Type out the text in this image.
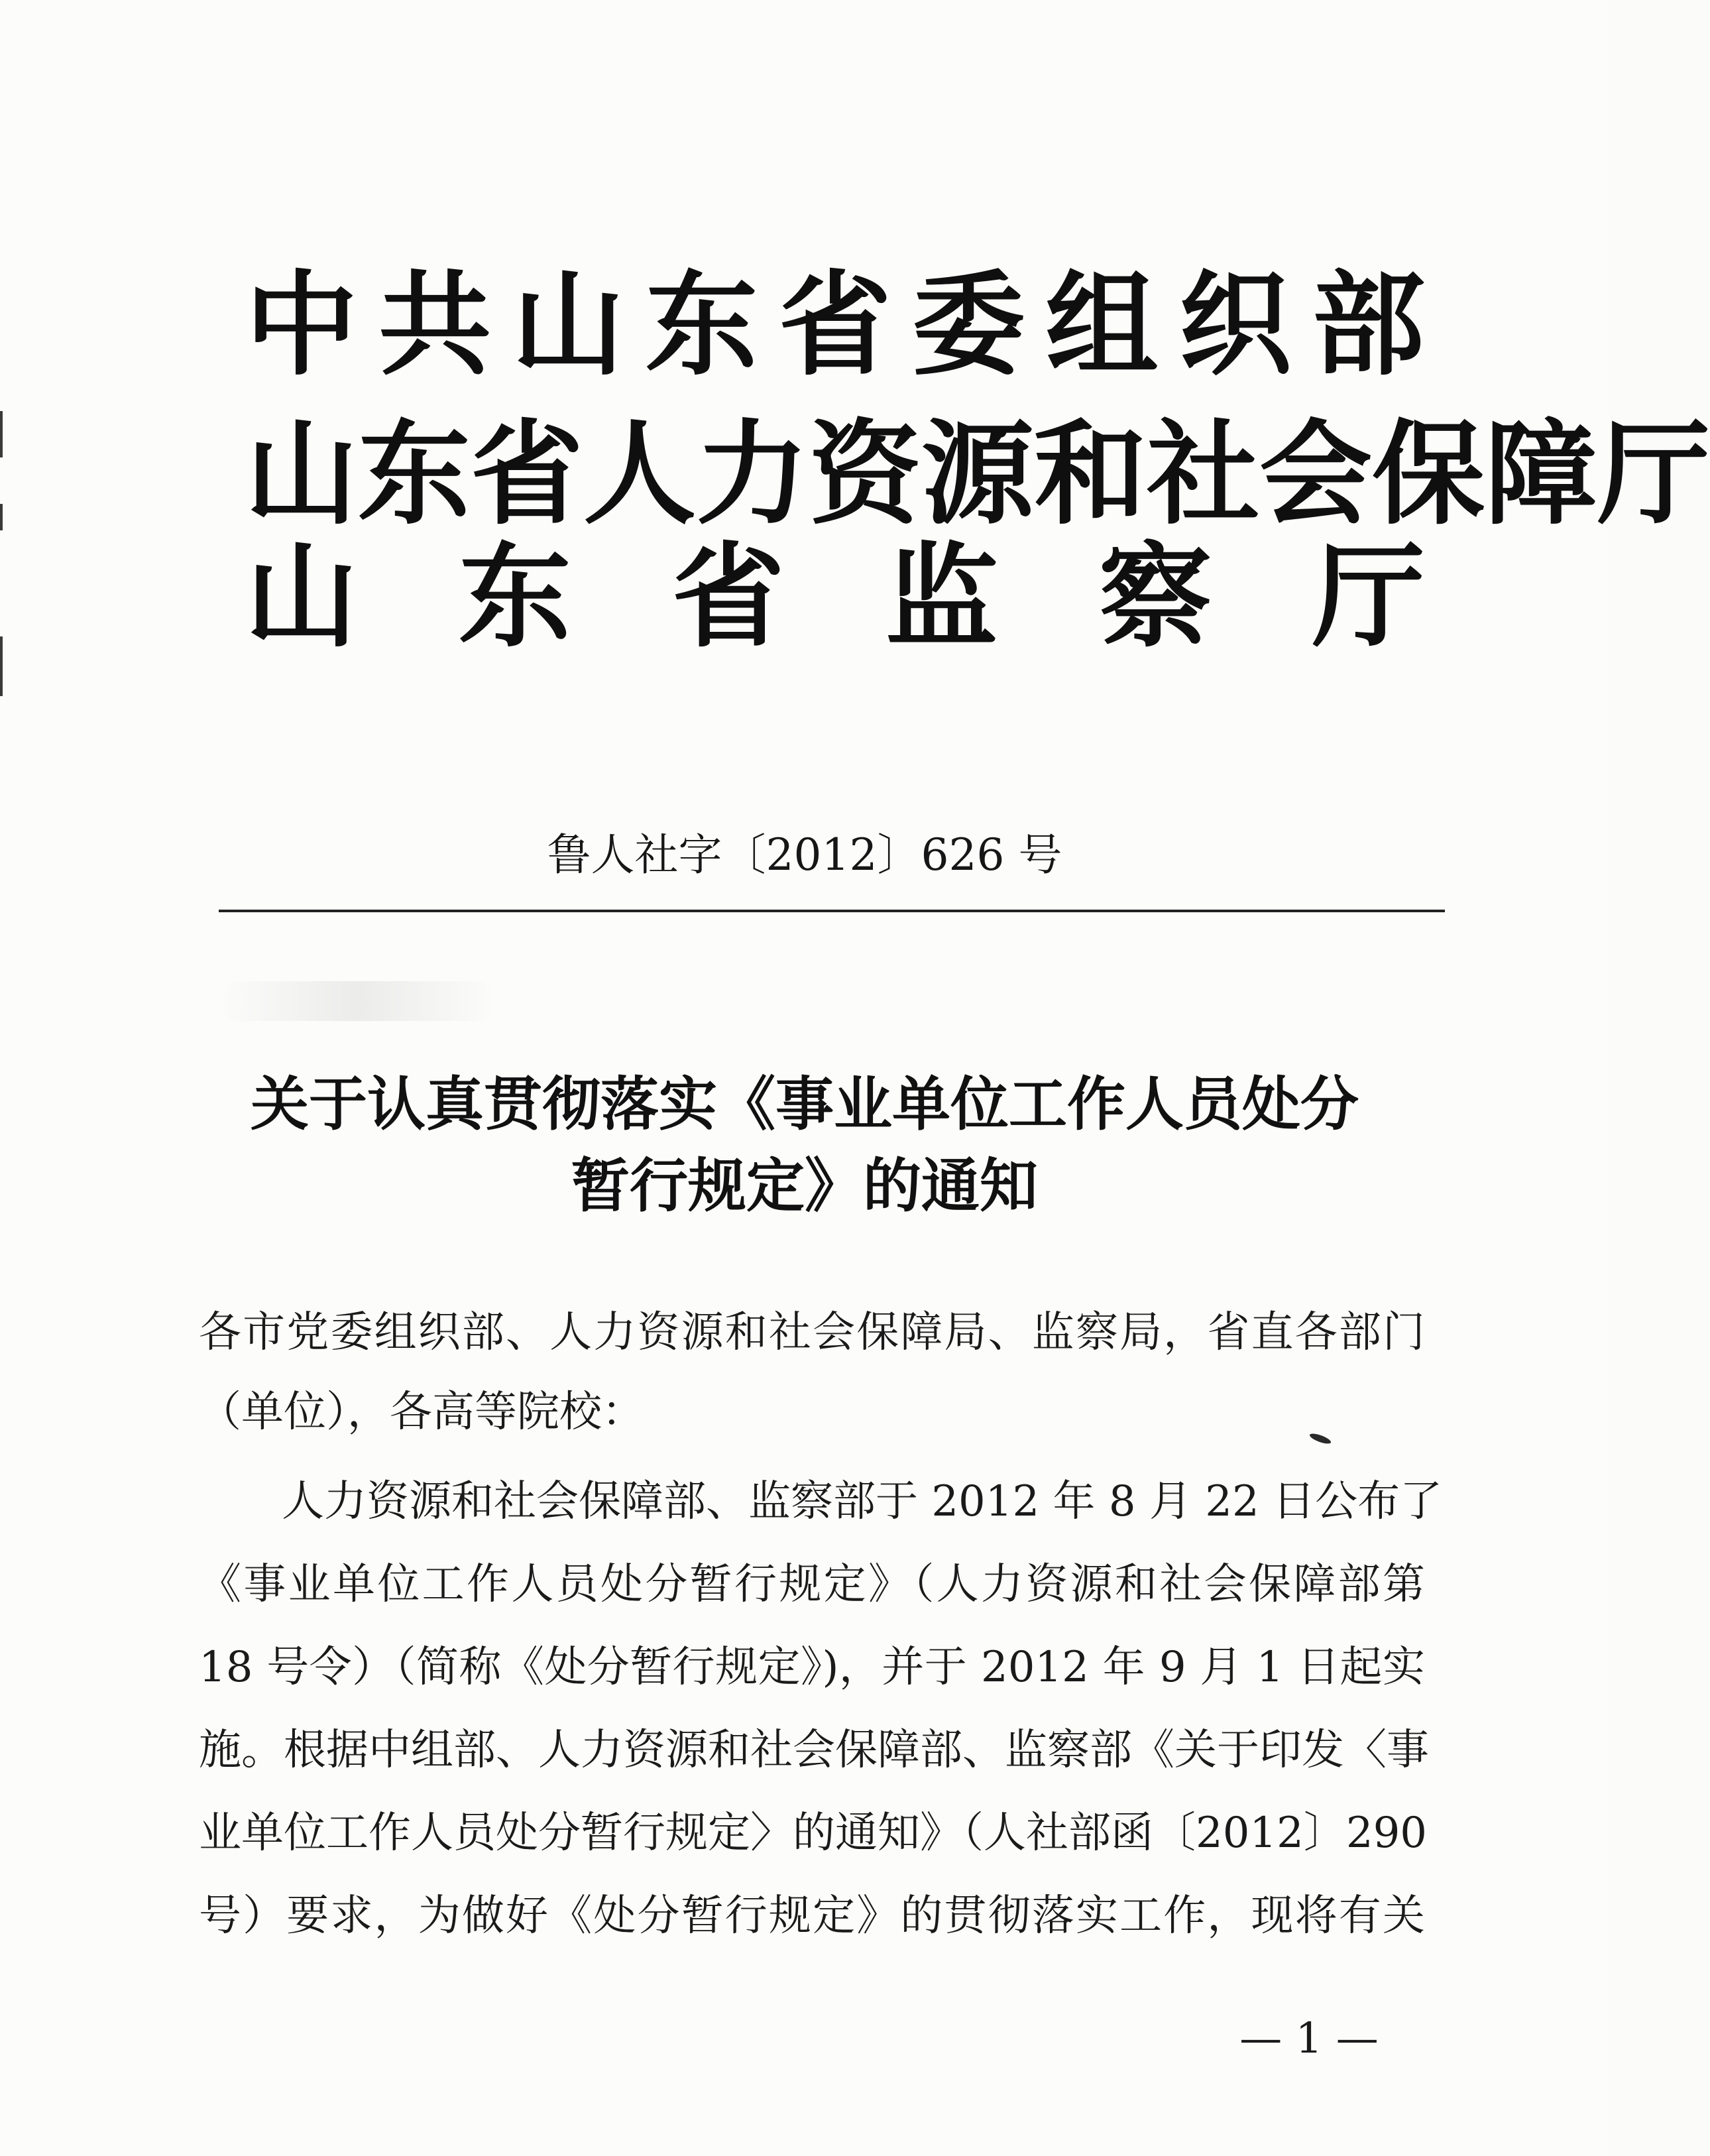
中 共 山 东 省 委 组 织 部
山 东 省 人 力 资 源 和 社 会 保 障 厅
山 东 省 监 察 厅
鲁人社字〔2012〕626 号
关于认真贯彻落实《事业单位工作人员处分
暂行规定》的通知
各市党委组织部、人力资源和社会保障局、监察局，省直各部门
（单位），各高等院校：
人力资源和社会保障部、监察部于 2012 年 8 月 22 日公布了
《事业单位工作人员处分暂行规定》（人力资源和社会保障部第
18 号令）（简称《处分暂行规定》)，并于 2012 年 9 月 1 日起实
施。根据中组部、人力资源和社会保障部、监察部《关于印发〈事
业单位工作人员处分暂行规定〉的通知》（人社部函〔2012〕290
号）要求，为做好《处分暂行规定》的贯彻落实工作，现将有关
— 1 —
